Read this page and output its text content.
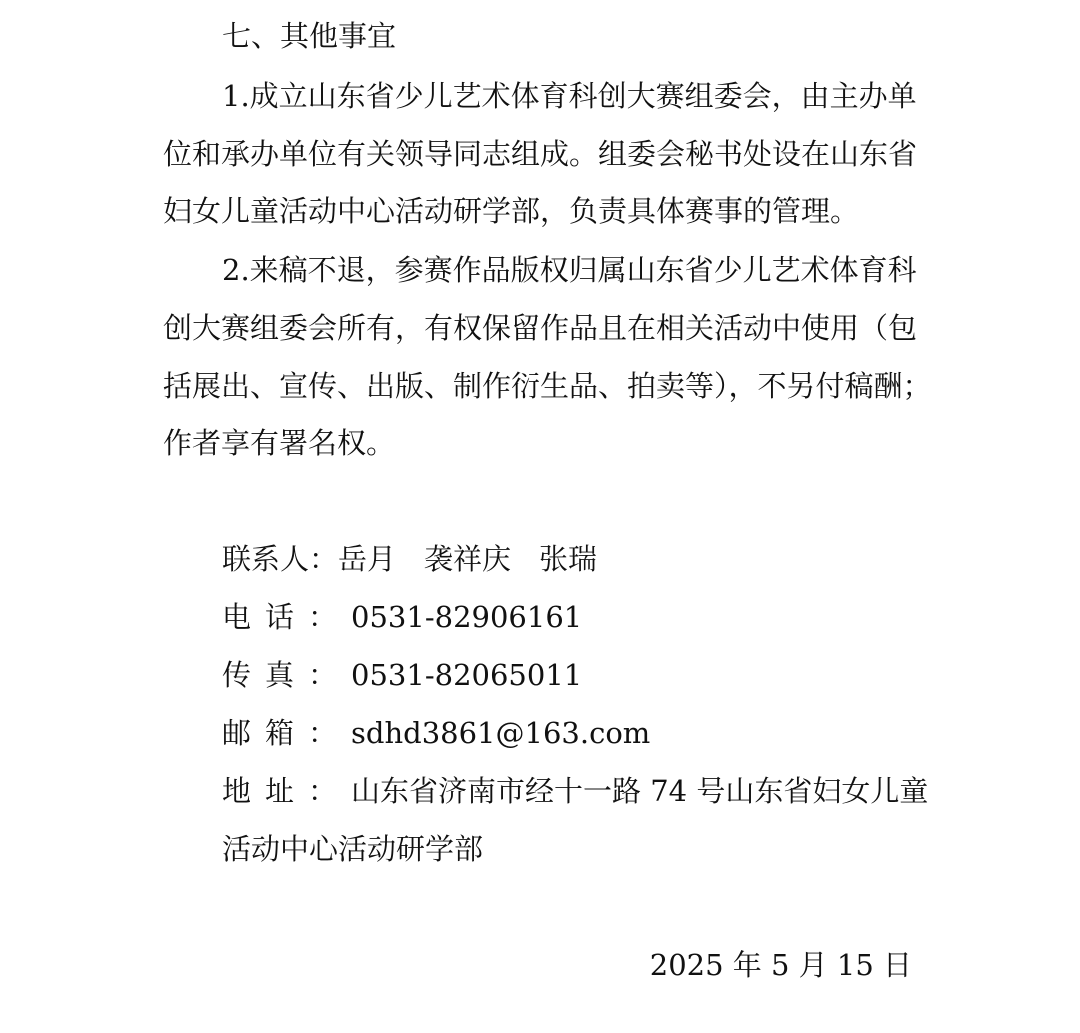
七、其他事宜
1.成立山东省少儿艺术体育科创大赛组委会，由主办单
位和承办单位有关领导同志组成。组委会秘书处设在山东省
妇女儿童活动中心活动研学部，负责具体赛事的管理。
2.来稿不退，参赛作品版权归属山东省少儿艺术体育科
创大赛组委会所有，有权保留作品且在相关活动中使用（包
括展出、宣传、出版、制作衍生品、拍卖等），不另付稿酬；
作者享有署名权。
联系人：岳月 袭祥庆 张瑞
电话：0531-82906161
传真：0531-82065011
邮箱：sdhd3861@163.com
地址：山东省济南市经十一路 74 号山东省妇女儿童
活动中心活动研学部
2025 年 5 月 15 日
